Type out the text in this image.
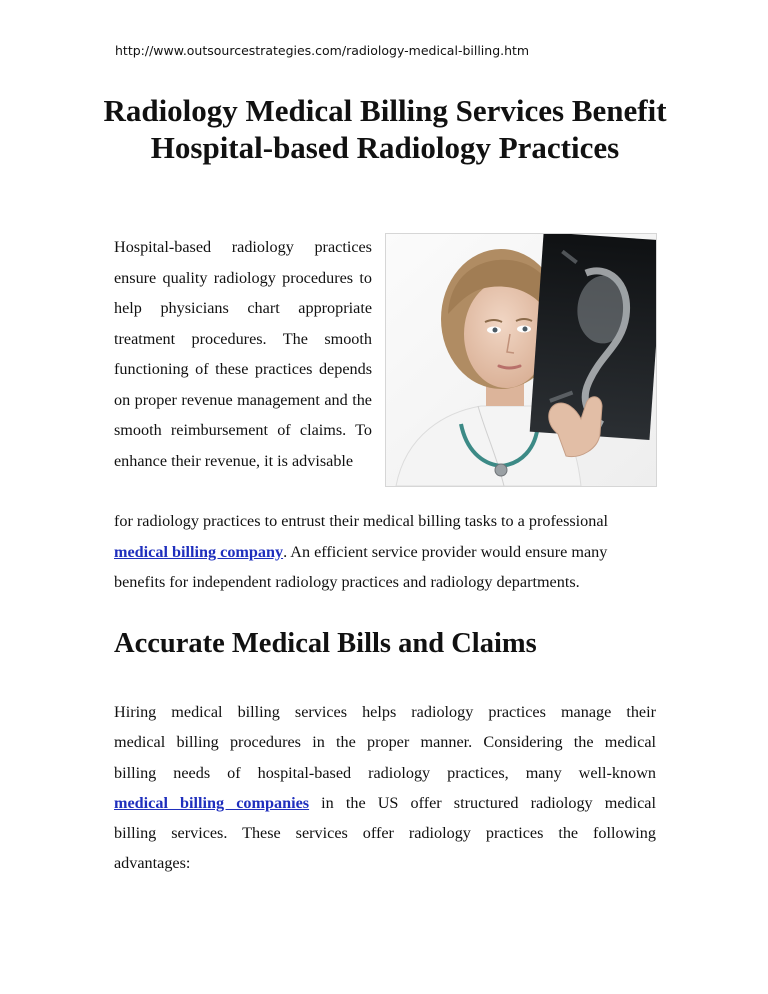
http://www.outsourcestrategies.com/radiology-medical-billing.htm
Radiology Medical Billing Services Benefit Hospital-based Radiology Practices

Hospital-based radiology practices ensure quality radiology procedures to help physicians chart appropriate treatment procedures. The smooth functioning of these practices depends on proper revenue management and the smooth reimbursement of claims. To enhance their revenue, it is advisable

for radiology practices to entrust their medical billing tasks to a professional
medical billing company. An efficient service provider would ensure many
benefits for independent radiology practices and radiology departments.
Accurate Medical Bills and Claims
Hiring medical billing services helps radiology practices manage their
medical billing procedures in the proper manner. Considering the medical
billing needs of hospital-based radiology practices, many well-known
medical billing companies in the US offer structured radiology medical
billing services. These services offer radiology practices the following
advantages:
